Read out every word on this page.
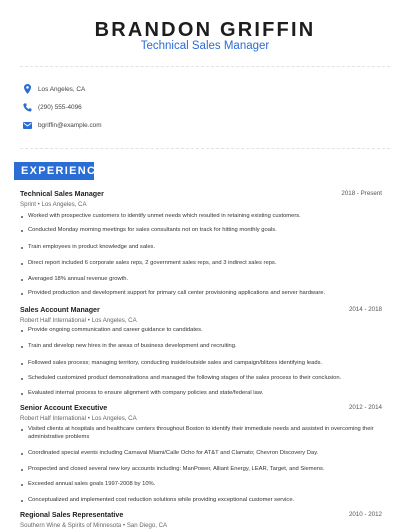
BRANDON GRIFFIN
Technical Sales Manager
Los Angeles, CA
(290) 555-4096
bgriffin@example.com
EXPERIENCE
Technical Sales Manager	2018 - Present
Sprint • Los Angeles, CA
Worked with prospective customers to identify unmet needs which resulted in retaining existing customers.
Conducted Monday morning meetings for sales consultants not on track for hitting monthly goals.
Train employees in product knowledge and sales.
Direct report included 6 corporate sales reps, 2 government sales reps, and 3 indirect sales reps.
Averaged 18% annual revenue growth.
Provided production and development support for primary call center provisioning applications and server hardware.
Sales Account Manager	2014 - 2018
Robert Half International • Los Angeles, CA
Provide ongoing communication and career guidance to candidates.
Train and develop new hires in the areas of business development and recruiting.
Followed sales process; managing territory, conducting inside/outside sales and campaign/blitzes identifying leads.
Scheduled customized product demonstrations and managed the following stages of the sales process to their conclusion.
Evaluated internal process to ensure alignment with company policies and state/federal law.
Senior Account Executive	2012 - 2014
Robert Half International • Los Angeles, CA
Visited clients at hospitals and healthcare centers throughout Boston to identify their immediate needs and assisted in overcoming their administrative problems
Coordinated special events including Carnaval Miami/Calle Ocho for AT&T and Clamato; Chevron Discovery Day.
Prospected and closed several new key accounts including: ManPower, Alliant Energy, LEAR, Target, and Siemens.
Exceeded annual sales goals 1997-2008 by 10%.
Conceptualized and implemented cost reduction solutions while providing exceptional customer service.
Regional Sales Representative	2010 - 2012
Southern Wine & Spirits of Minnesota • San Diego, CA
